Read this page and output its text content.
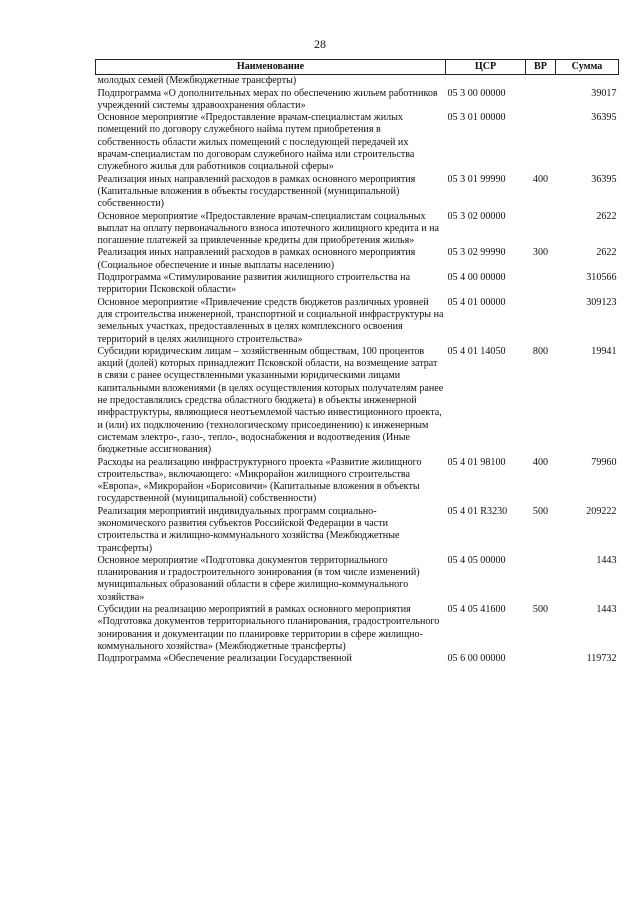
28
Наименование	ЦСР	ВР	Сумма
молодых семей (Межбюджетные трансферты)			
Подпрограмма «О дополнительных мерах по обеспечению жильем работников учреждений системы здравоохранения области»	05 3 00 00000		39017
Основное мероприятие «Предоставление врачам-специалистам жилых помещений по договору служебного найма путем приобретения в собственность области жилых помещений с последующей передачей их врачам-специалистам по договорам служебного найма или строительства служебного жилья для работников социальной сферы»	05 3 01 00000		36395
Реализация иных направлений расходов в рамках основного мероприятия (Капитальные вложения в объекты государственной (муниципальной) собственности)	05 3 01 99990	400	36395
Основное мероприятие «Предоставление врачам-специалистам социальных выплат на оплату первоначального взноса ипотечного жилищного кредита и на погашение платежей за привлеченные кредиты для приобретения жилья»	05 3 02 00000		2622
Реализация иных направлений расходов в рамках основного мероприятия (Социальное обеспечение и иные выплаты населению)	05 3 02 99990	300	2622
Подпрограмма «Стимулирование развития жилищного строительства на территории Псковской области»	05 4 00 00000		310566
Основное мероприятие «Привлечение средств бюджетов различных уровней для строительства инженерной, транспортной и социальной инфраструктуры на земельных участках, предоставленных в целях комплексного освоения территорий в целях жилищного строительства»	05 4 01 00000		309123
Субсидии юридическим лицам – хозяйственным обществам, 100 процентов акций (долей) которых принадлежит Псковской области, на возмещение затрат в связи с ранее осуществленными указанными юридическими лицами капитальными вложениями (в целях осуществления которых получателям ранее не предоставлялись средства областного бюджета) в объекты инженерной инфраструктуры, являющиеся неотъемлемой частью инвестиционного проекта, и (или) их подключению (технологическому присоединению) к инженерным системам электро-, газо-, тепло-, водоснабжения и водоотведения (Иные бюджетные ассигнования)	05 4 01 14050	800	19941
Расходы на реализацию инфраструктурного проекта «Развитие жилищного строительства», включающего: «Микрорайон жилищного строительства «Европа», «Микрорайон «Борисовичи» (Капитальные вложения в объекты государственной (муниципальной) собственности)	05 4 01 98100	400	79960
Реализация мероприятий индивидуальных программ социально-экономического развития субъектов Российской Федерации в части строительства и жилищно-коммунального хозяйства (Межбюджетные трансферты)	05 4 01 R3230	500	209222
Основное мероприятие «Подготовка документов территориального планирования и градостроительного зонирования (в том числе изменений) муниципальных образований области в сфере жилищно-коммунального хозяйства»	05 4 05 00000		1443
Субсидии на реализацию мероприятий в рамках основного мероприятия «Подготовка документов территориального планирования, градостроительного зонирования и документации по планировке территории в сфере жилищно-коммунального хозяйства» (Межбюджетные трансферты)	05 4 05 41600	500	1443
Подпрограмма «Обеспечение реализации Государственной	05 6 00 00000		119732
